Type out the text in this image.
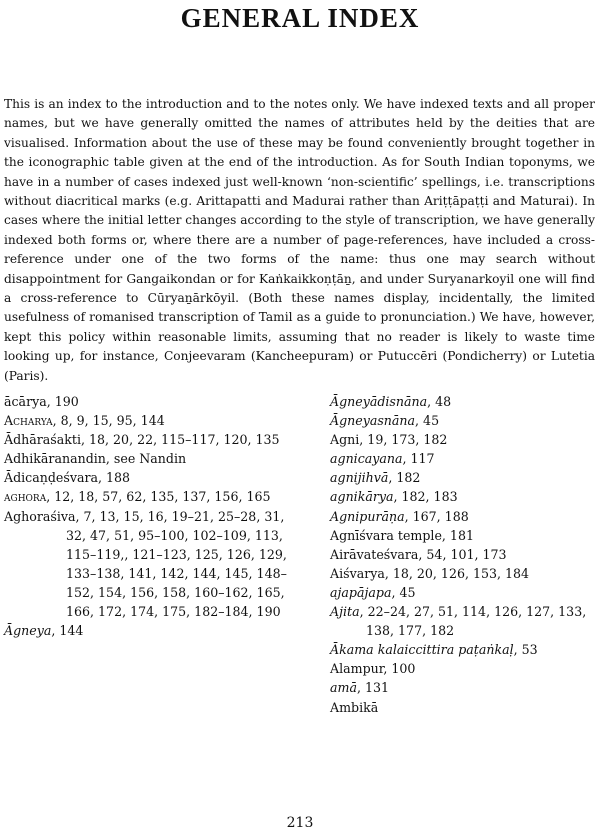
GENERAL INDEX

This is an index to the introduction and to the notes only. We have indexed texts and all proper names, but we have generally omitted the names of attributes held by the deities that are visualised. Information about the use of these may be found conveniently brought together in the iconographic table given at the end of the introduction. As for South Indian toponyms, we have in a number of cases indexed just well-known ‘non-scientific’ spellings, i.e. transcriptions without diacritical marks (e.g. Arittapatti and Madurai rather than Ariṭṭāpaṭṭi and Maturai). In cases where the initial letter changes according to the style of transcription, we have generally indexed both forms or, where there are a number of page-references, have included a cross-reference under one of the two forms of the name: thus one may search without disappointment for Gangaikondan or for Kaṅkaikkoṇṭāṉ, and under Suryanarkoyil one will find a cross-reference to Cūryaṉārkōyil. (Both these names display, incidentally, the limited usefulness of romanised transcription of Tamil as a guide to pronunciation.) We have, however, kept this policy within reasonable limits, assuming that no reader is likely to waste time looking up, for instance, Conjeevaram (Kancheepuram) or Putuccēri (Pondicherry) or Lutetia (Paris).

ācārya, 190
Acharya, 8, 9, 15, 95, 144
Ādhāraśakti, 18, 20, 22, 115–117, 120, 135
Adhikāranandin, see Nandin
Ādicaṇḍeśvara, 188
aghora, 12, 18, 57, 62, 135, 137, 156, 165
Aghoraśiva, 7, 13, 15, 16, 19–21, 25–28, 31, 32, 47, 51, 95–100, 102–109, 113, 115–119,, 121–123, 125, 126, 129, 133–138, 141, 142, 144, 145, 148–152, 154, 156, 158, 160–162, 165, 166, 172, 174, 175, 182–184, 190
Āgneya, 144
Āgneyādisnāna, 48
Āgneyasnāna, 45
Agni, 19, 173, 182
agnicayana, 117
agnijihvā, 182
agnikārya, 182, 183
Agnipurāṇa, 167, 188
Agnīśvara temple, 181
Airāvateśvara, 54, 101, 173
Aiśvarya, 18, 20, 126, 153, 184
ajapājapa, 45
Ajita, 22–24, 27, 51, 114, 126, 127, 133, 138, 177, 182
Ākama kalaiccittira paṭaṅkaḷ, 53
Alampur, 100
amā, 131
Ambikā
213
